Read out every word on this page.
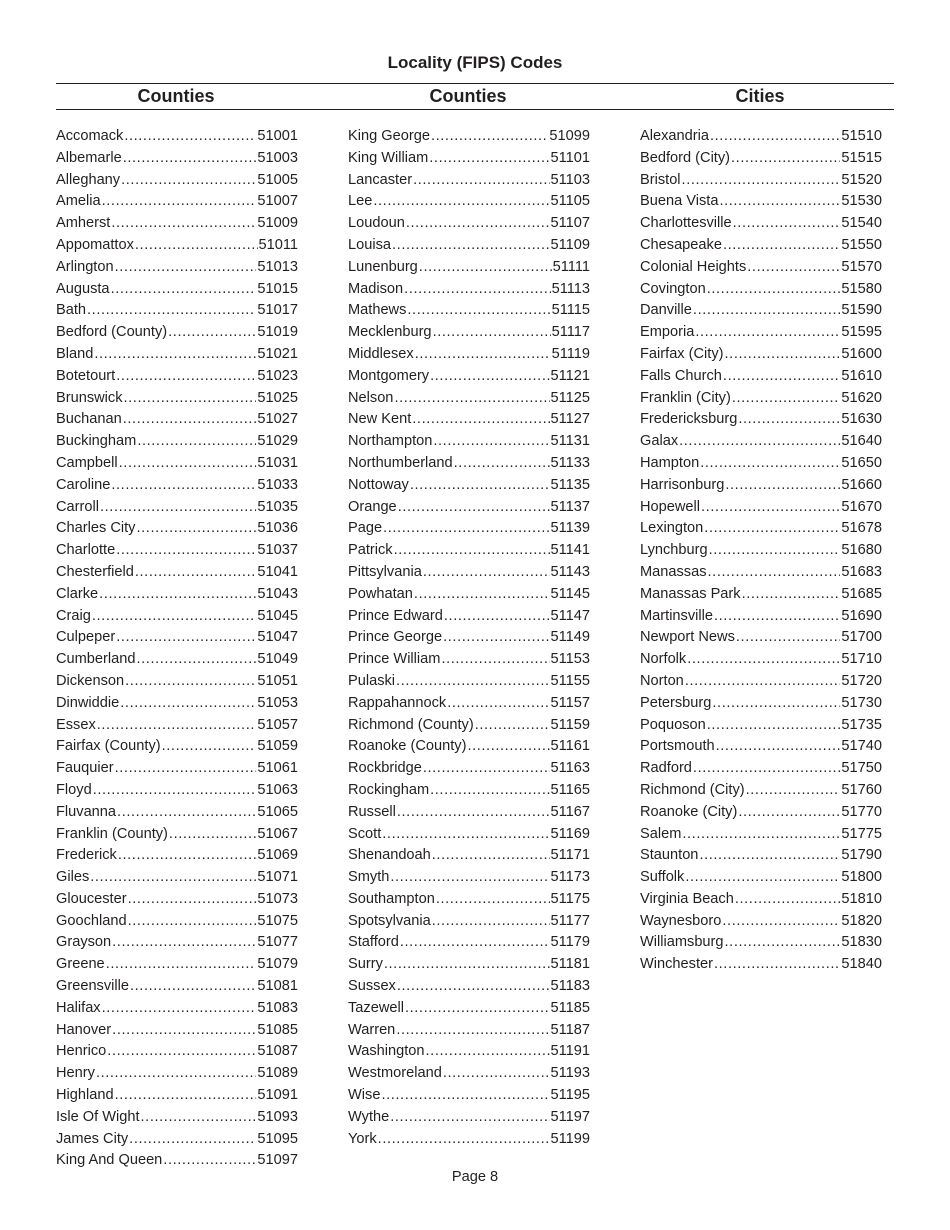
Locality (FIPS) Codes
Counties	Counties	Cities
Accomack .....	51001
Albemarle .....	51003
Alleghany .....	51005
Amelia .....	51007
Amherst .....	51009
Appomattox .....	51011
Arlington .....	51013
Augusta .....	51015
Bath .....	51017
Bedford (County) .....	51019
Bland .....	51021
Botetourt .....	51023
Brunswick .....	51025
Buchanan .....	51027
Buckingham .....	51029
Campbell .....	51031
Caroline .....	51033
Carroll .....	51035
Charles City .....	51036
Charlotte .....	51037
Chesterfield .....	51041
Clarke .....	51043
Craig .....	51045
Culpeper .....	51047
Cumberland .....	51049
Dickenson .....	51051
Dinwiddie .....	51053
Essex .....	51057
Fairfax (County) .....	51059
Fauquier .....	51061
Floyd .....	51063
Fluvanna .....	51065
Franklin (County) .....	51067
Frederick .....	51069
Giles .....	51071
Gloucester .....	51073
Goochland .....	51075
Grayson .....	51077
Greene .....	51079
Greensville .....	51081
Halifax .....	51083
Hanover .....	51085
Henrico .....	51087
Henry .....	51089
Highland .....	51091
Isle Of Wight .....	51093
James City .....	51095
King And Queen .....	51097
King George .....	51099
King William .....	51101
Lancaster .....	51103
Lee .....	51105
Loudoun .....	51107
Louisa .....	51109
Lunenburg .....	51111
Madison .....	51113
Mathews .....	51115
Mecklenburg .....	51117
Middlesex .....	51119
Montgomery .....	51121
Nelson .....	51125
New Kent .....	51127
Northampton .....	51131
Northumberland .....	51133
Nottoway .....	51135
Orange .....	51137
Page .....	51139
Patrick .....	51141
Pittsylvania .....	51143
Powhatan .....	51145
Prince Edward .....	51147
Prince George .....	51149
Prince William .....	51153
Pulaski .....	51155
Rappahannock .....	51157
Richmond (County) .....	51159
Roanoke (County) .....	51161
Rockbridge .....	51163
Rockingham .....	51165
Russell .....	51167
Scott .....	51169
Shenandoah .....	51171
Smyth .....	51173
Southampton .....	51175
Spotsylvania .....	51177
Stafford .....	51179
Surry .....	51181
Sussex .....	51183
Tazewell .....	51185
Warren .....	51187
Washington .....	51191
Westmoreland .....	51193
Wise .....	51195
Wythe .....	51197
York .....	51199
Alexandria .....	51510
Bedford (City) .....	51515
Bristol .....	51520
Buena Vista .....	51530
Charlottesville .....	51540
Chesapeake .....	51550
Colonial Heights .....	51570
Covington .....	51580
Danville .....	51590
Emporia .....	51595
Fairfax (City) .....	51600
Falls Church .....	51610
Franklin (City) .....	51620
Fredericksburg .....	51630
Galax .....	51640
Hampton .....	51650
Harrisonburg .....	51660
Hopewell .....	51670
Lexington .....	51678
Lynchburg .....	51680
Manassas .....	51683
Manassas Park .....	51685
Martinsville .....	51690
Newport News .....	51700
Norfolk .....	51710
Norton .....	51720
Petersburg .....	51730
Poquoson .....	51735
Portsmouth .....	51740
Radford .....	51750
Richmond (City) .....	51760
Roanoke (City) .....	51770
Salem .....	51775
Staunton .....	51790
Suffolk .....	51800
Virginia Beach .....	51810
Waynesboro .....	51820
Williamsburg .....	51830
Winchester .....	51840
Page 8
